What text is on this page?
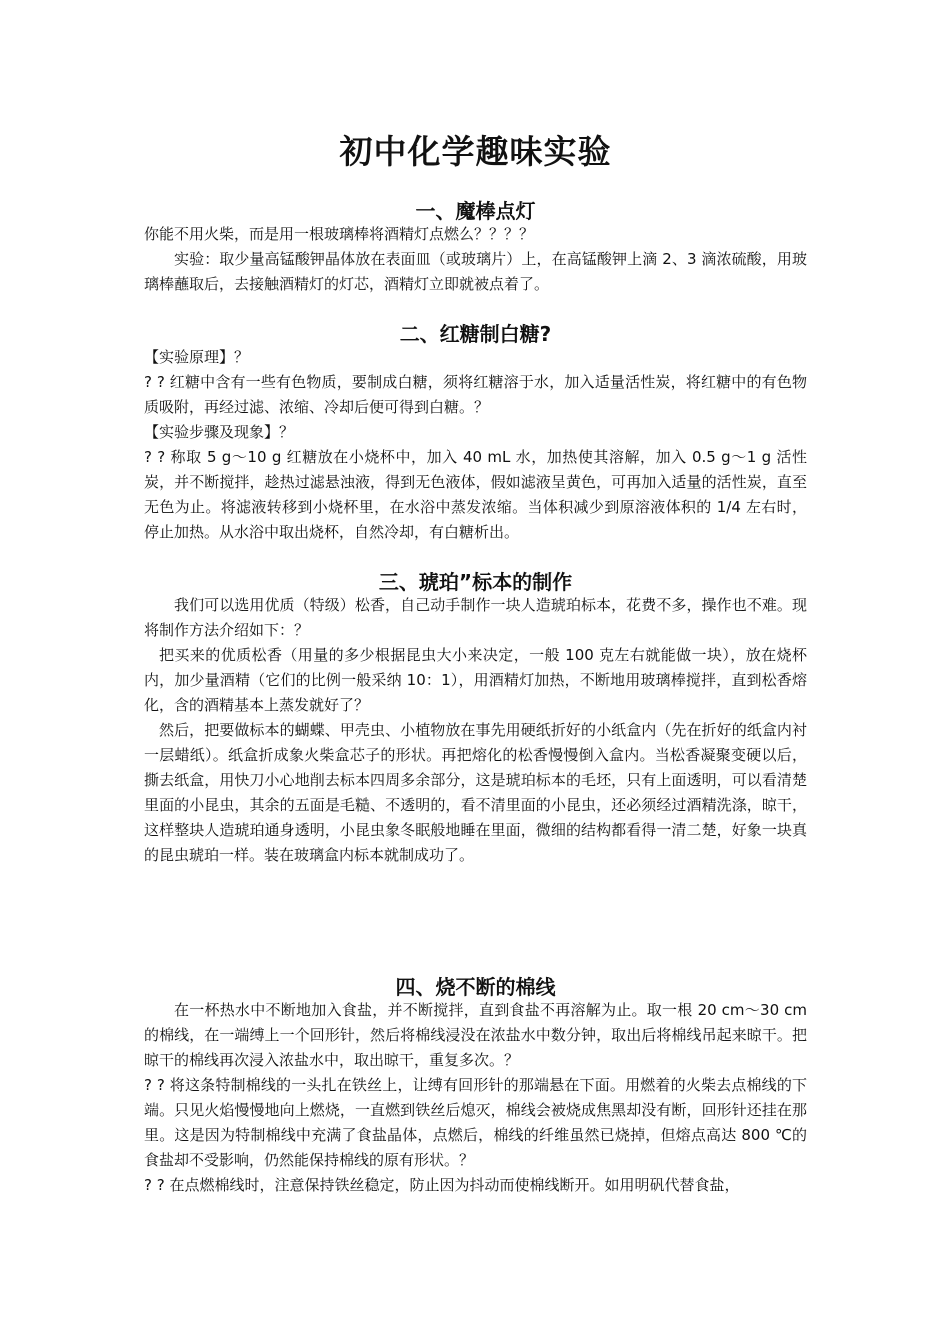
初中化学趣味实验
一、魔棒点灯

你能不用火柴，而是用一根玻璃棒将酒精灯点燃么？？？？

实验：取少量高锰酸钾晶体放在表面皿（或玻璃片）上，在高锰酸钾上滴 2、3 滴浓硫酸，用玻璃棒蘸取后，去接触酒精灯的灯芯，酒精灯立即就被点着了。

二、红糖制白糖?

【实验原理】？

? ? 红糖中含有一些有色物质，要制成白糖，须将红糖溶于水，加入适量活性炭，将红糖中的有色物质吸附，再经过滤、浓缩、冷却后便可得到白糖。？

【实验步骤及现象】？

? ? 称取 5 g～10 g 红糖放在小烧杯中，加入 40 mL 水，加热使其溶解，加入 0.5 g～1 g 活性炭，并不断搅拌，趁热过滤悬浊液，得到无色液体，假如滤液呈黄色，可再加入适量的活性炭，直至无色为止。将滤液转移到小烧杯里，在水浴中蒸发浓缩。当体积减少到原溶液体积的 1/4 左右时，停止加热。从水浴中取出烧杯，自然冷却，有白糖析出。

三、琥珀”标本的制作

我们可以选用优质（特级）松香，自己动手制作一块人造琥珀标本，花费不多，操作也不难。现将制作方法介绍如下：？

把买来的优质松香（用量的多少根据昆虫大小来决定，一般 100 克左右就能做一块），放在烧杯内，加少量酒精（它们的比例一般采纳 10：1），用酒精灯加热，不断地用玻璃棒搅拌，直到松香熔化，含的酒精基本上蒸发就好了？

然后，把要做标本的蝴蝶、甲壳虫、小植物放在事先用硬纸折好的小纸盒内（先在折好的纸盒内衬一层蜡纸）。纸盒折成象火柴盒芯子的形状。再把熔化的松香慢慢倒入盒内。当松香凝聚变硬以后，撕去纸盒，用快刀小心地削去标本四周多余部分，这是琥珀标本的毛坯，只有上面透明，可以看清楚里面的小昆虫，其余的五面是毛糙、不透明的，看不清里面的小昆虫，还必须经过酒精洗涤，晾干，这样整块人造琥珀通身透明，小昆虫象冬眠般地睡在里面，微细的结构都看得一清二楚，好象一块真的昆虫琥珀一样。装在玻璃盒内标本就制成功了。

四、烧不断的棉线

在一杯热水中不断地加入食盐，并不断搅拌，直到食盐不再溶解为止。取一根 20 cm～30 cm 的棉线，在一端缚上一个回形针，然后将棉线浸没在浓盐水中数分钟，取出后将棉线吊起来晾干。把晾干的棉线再次浸入浓盐水中，取出晾干，重复多次。？

? ? 将这条特制棉线的一头扎在铁丝上，让缚有回形针的那端悬在下面。用燃着的火柴去点棉线的下端。只见火焰慢慢地向上燃烧，一直燃到铁丝后熄灭，棉线会被烧成焦黑却没有断，回形针还挂在那里。这是因为特制棉线中充满了食盐晶体，点燃后，棉线的纤维虽然已烧掉，但熔点高达 800 ℃的食盐却不受影响，仍然能保持棉线的原有形状。？

? ? 在点燃棉线时，注意保持铁丝稳定，防止因为抖动而使棉线断开。如用明矾代替食盐，
